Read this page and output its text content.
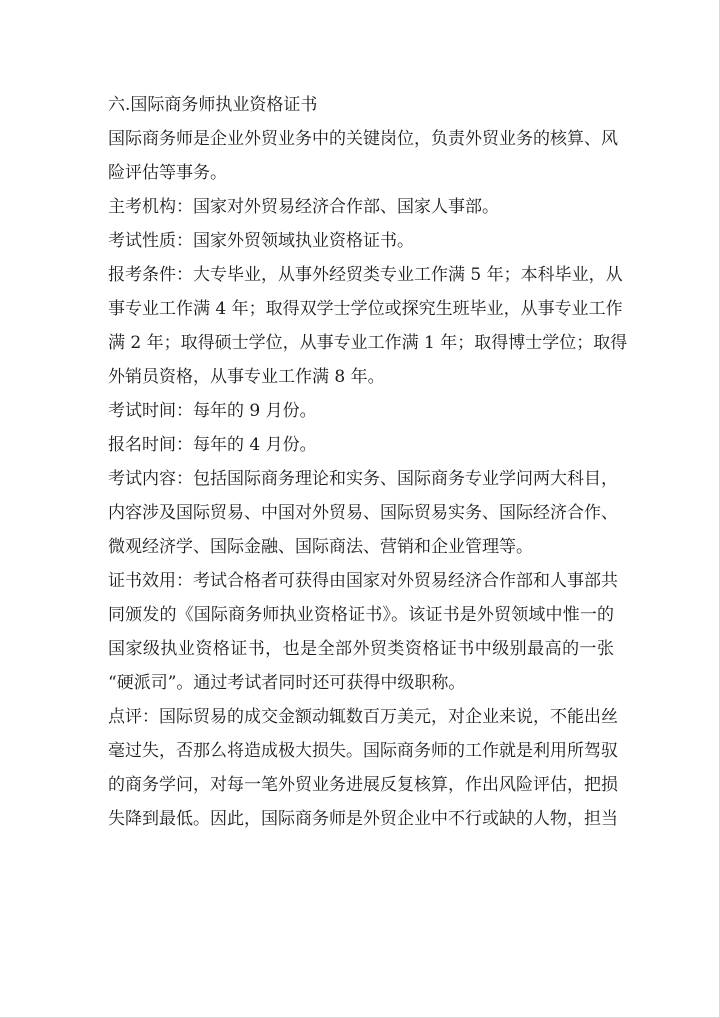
六.国际商务师执业资格证书

国际商务师是企业外贸业务中的关键岗位，负责外贸业务的核算、风
险评估等事务。

主考机构：国家对外贸易经济合作部、国家人事部。

考试性质：国家外贸领域执业资格证书。

报考条件：大专毕业，从事外经贸类专业工作满 5 年；本科毕业，从
事专业工作满 4 年；取得双学士学位或探究生班毕业，从事专业工作
满 2 年；取得硕士学位，从事专业工作满 1 年；取得博士学位；取得
外销员资格，从事专业工作满 8 年。

考试时间：每年的 9 月份。

报名时间：每年的 4 月份。

考试内容：包括国际商务理论和实务、国际商务专业学问两大科目，
内容涉及国际贸易、中国对外贸易、国际贸易实务、国际经济合作、
微观经济学、国际金融、国际商法、营销和企业管理等。

证书效用：考试合格者可获得由国家对外贸易经济合作部和人事部共
同颁发的《国际商务师执业资格证书》。该证书是外贸领域中惟一的
国家级执业资格证书，也是全部外贸类资格证书中级别最高的一张
“硬派司”。通过考试者同时还可获得中级职称。

点评：国际贸易的成交金额动辄数百万美元，对企业来说，不能出丝
毫过失，否那么将造成极大损失。国际商务师的工作就是利用所驾驭
的商务学问，对每一笔外贸业务进展反复核算，作出风险评估，把损
失降到最低。因此，国际商务师是外贸企业中不行或缺的人物，担当
